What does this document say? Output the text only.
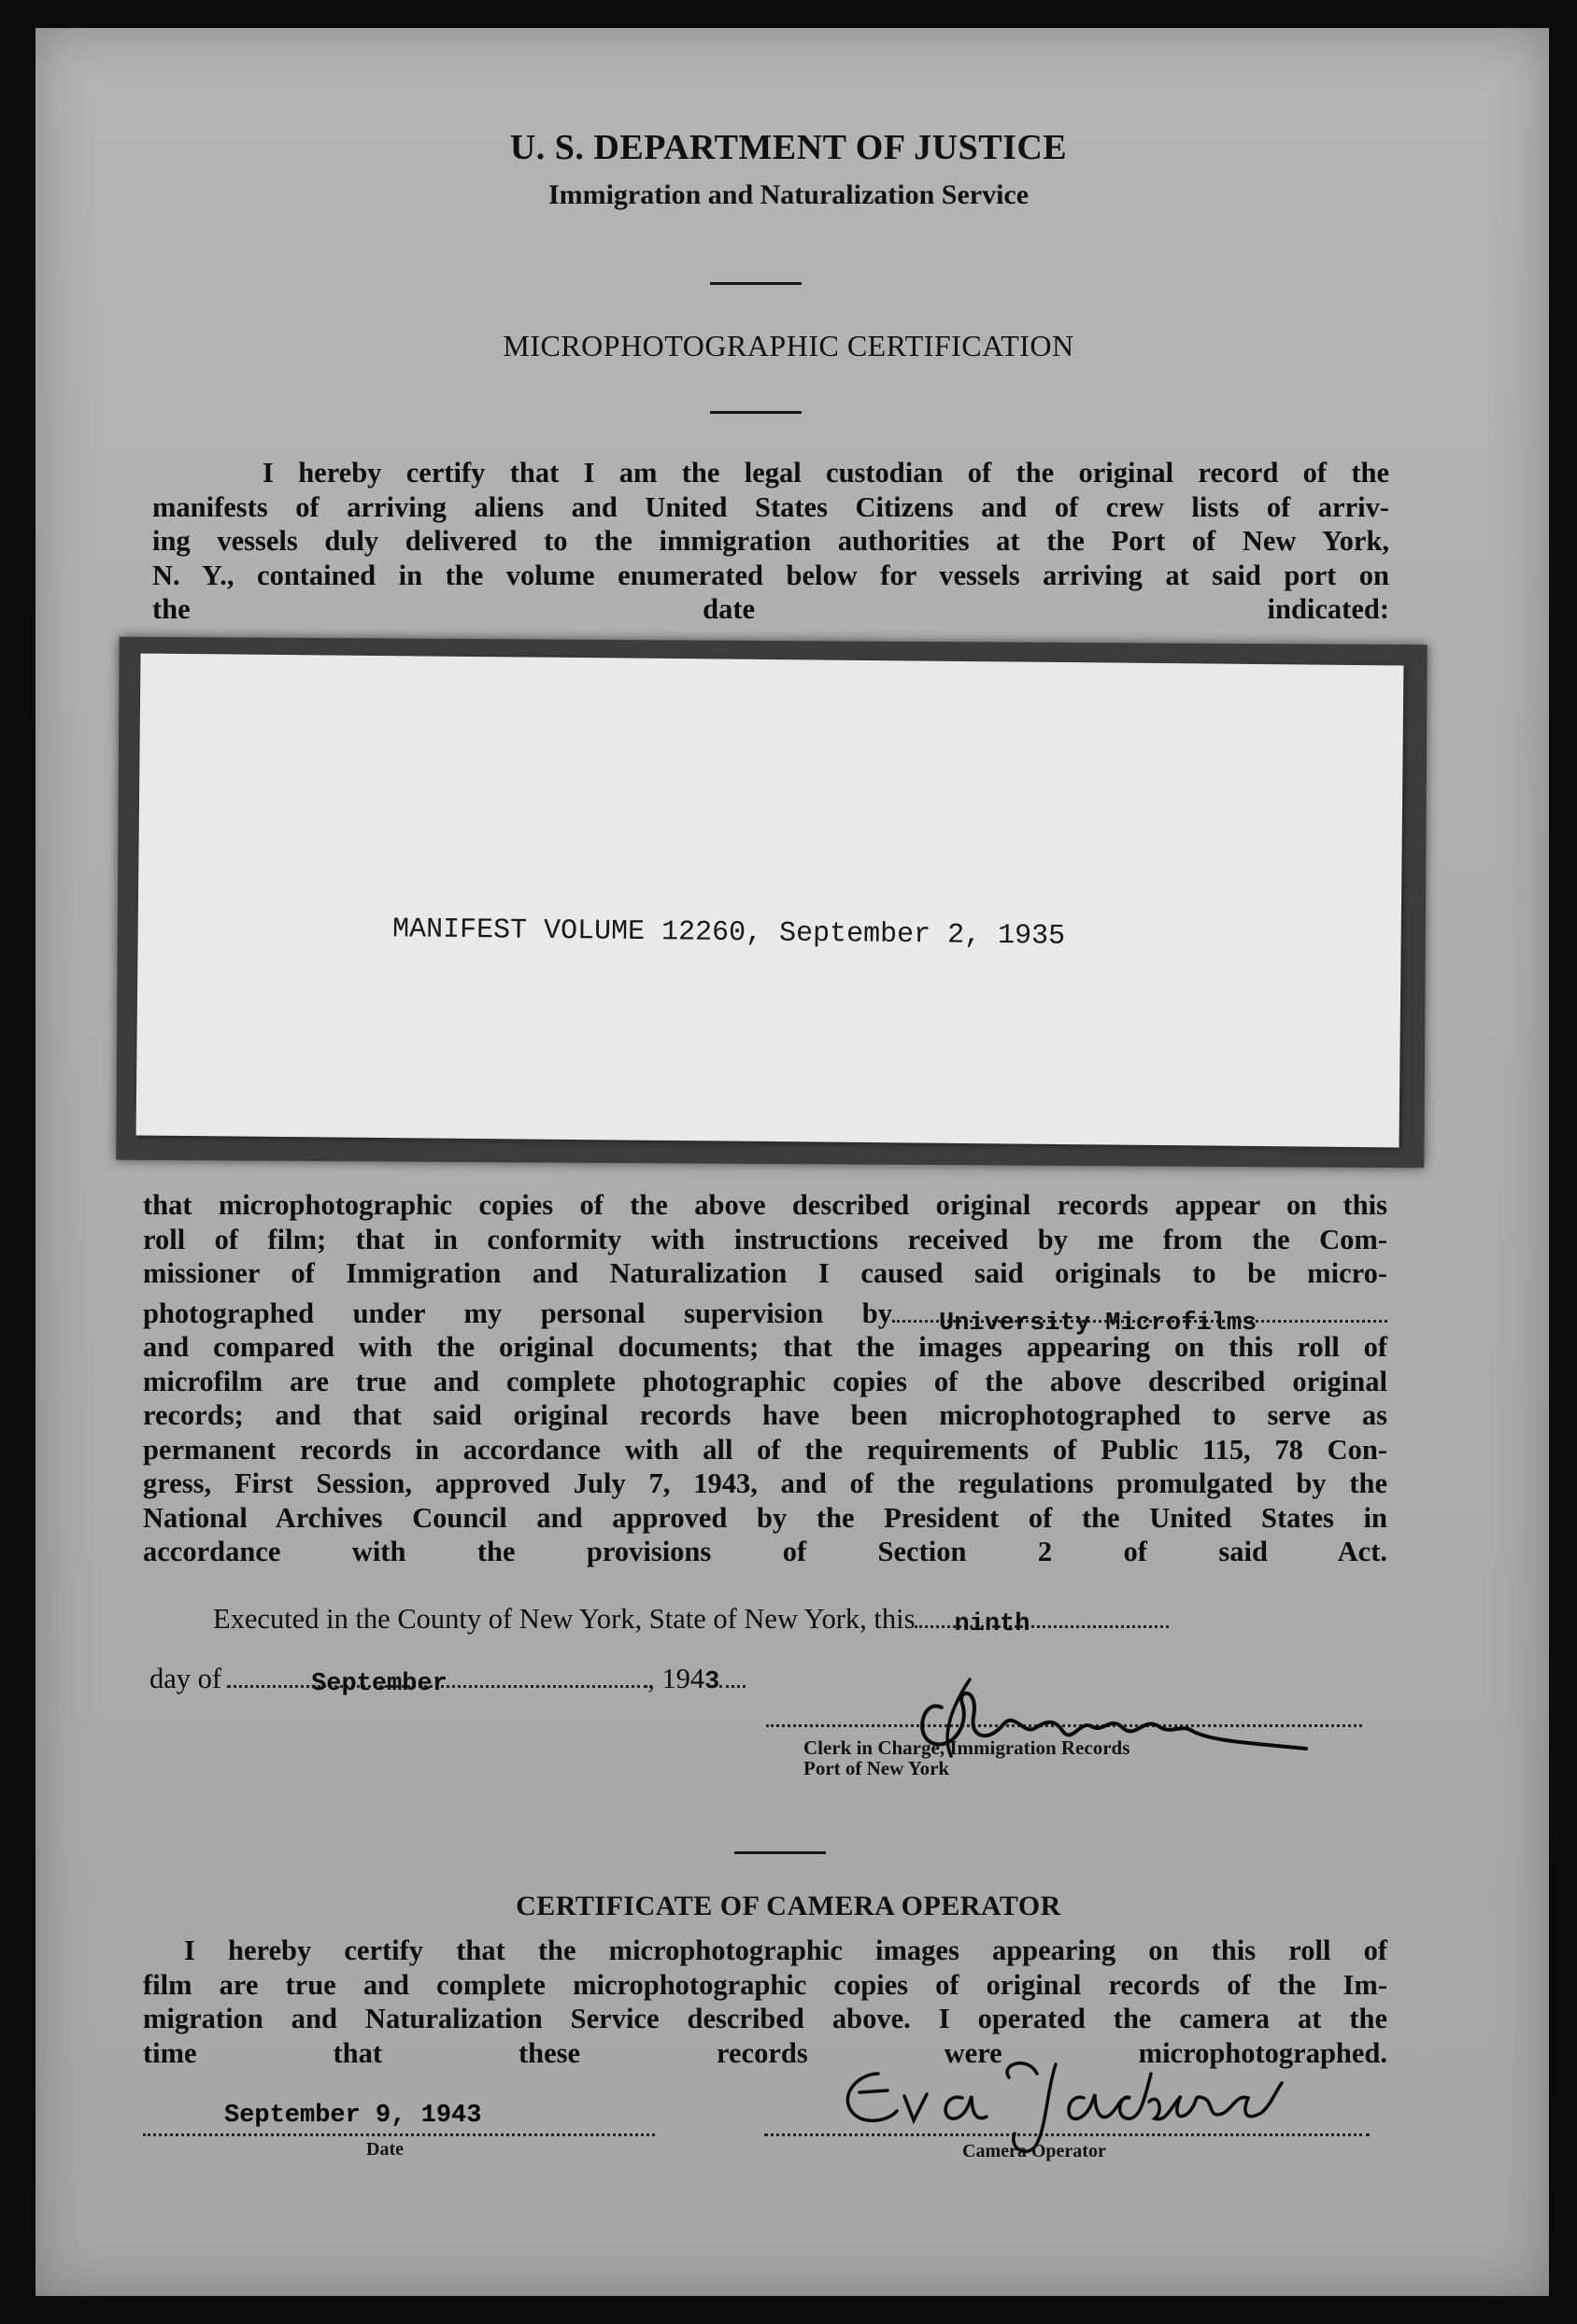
U. S. DEPARTMENT OF JUSTICE
Immigration and Naturalization Service
MICROPHOTOGRAPHIC CERTIFICATION
I hereby certify that I am the legal custodian of the original record of the
manifests of arriving aliens and United States Citizens and of crew lists of arriv-
ing vessels duly delivered to the immigration authorities at the Port of New York,
N. Y., contained in the volume enumerated below for vessels arriving at said port on
the date indicated:
MANIFEST VOLUME 12260, September 2, 1935
that microphotographic copies of the above described original records appear on this
roll of film; that in conformity with instructions received by me from the Com-
missioner of Immigration and Naturalization I caused said originals to be micro-
photographed under my personal supervision by University Microfilms
and compared with the original documents; that the images appearing on this roll of
microfilm are true and complete photographic copies of the above described original
records; and that said original records have been microphotographed to serve as
permanent records in accordance with all of the requirements of Public 115, 78 Con-
gress, First Session, approved July 7, 1943, and of the regulations promulgated by the
National Archives Council and approved by the President of the United States in
accordance with the provisions of Section 2 of said Act.
Executed in the County of New York, State of New York, this ninth
day of	September	, 1943
Clerk in Charge, Immigration Records
Port of New York
CERTIFICATE OF CAMERA OPERATOR
I hereby certify that the microphotographic images appearing on this roll of
film are true and complete microphotographic copies of original records of the Im-
migration and Naturalization Service described above. I operated the camera at the
time that these records were microphotographed.
September 9, 1943
Date	Camera Operator
